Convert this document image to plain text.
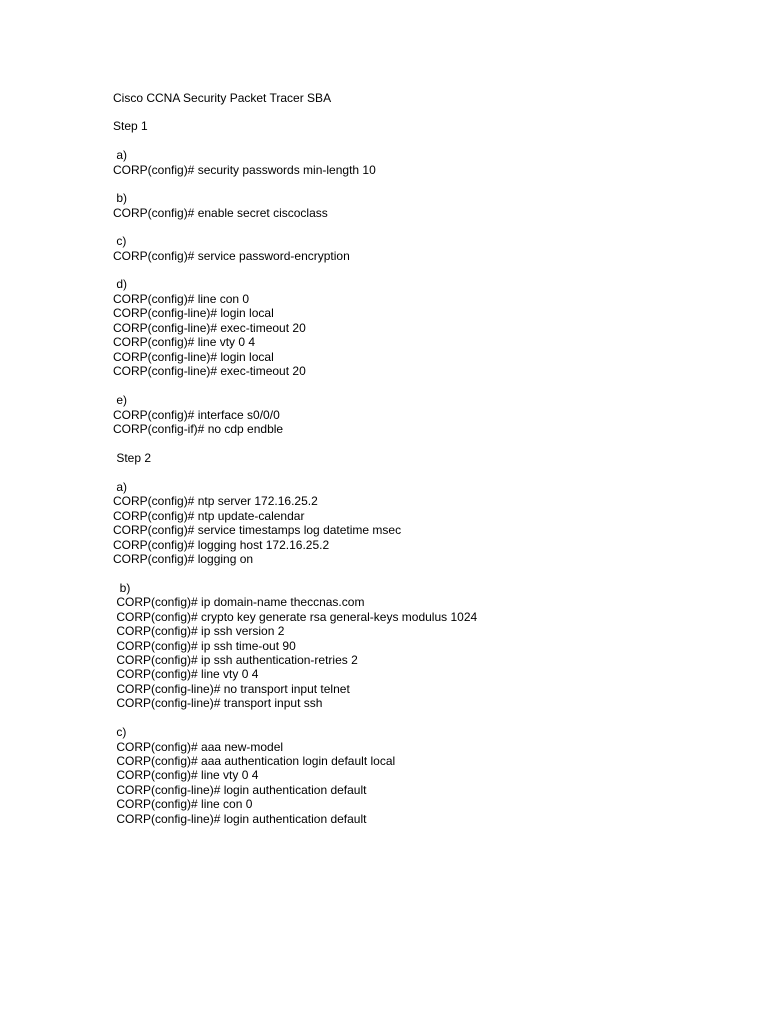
Cisco CCNA Security Packet Tracer SBA

Step 1

a)

CORP(config)# security passwords min-length 10

b)

CORP(config)# enable secret ciscoclass

c)

CORP(config)# service password-encryption

d)

CORP(config)# line con 0

CORP(config-line)# login local

CORP(config-line)# exec-timeout 20

CORP(config)# line vty 0 4

CORP(config-line)# login local

CORP(config-line)# exec-timeout 20

e)

CORP(config)# interface s0/0/0

CORP(config-if)# no cdp endble

Step 2

a)

CORP(config)# ntp server 172.16.25.2

CORP(config)# ntp update-calendar

CORP(config)# service timestamps log datetime msec

CORP(config)# logging host 172.16.25.2

CORP(config)# logging on

b)

CORP(config)# ip domain-name theccnas.com

CORP(config)# crypto key generate rsa general-keys modulus 1024

CORP(config)# ip ssh version 2

CORP(config)# ip ssh time-out 90

CORP(config)# ip ssh authentication-retries 2

CORP(config)# line vty 0 4

CORP(config-line)# no transport input telnet

CORP(config-line)# transport input ssh

c)

CORP(config)# aaa new-model

CORP(config)# aaa authentication login default local

CORP(config)# line vty 0 4

CORP(config-line)# login authentication default

CORP(config)# line con 0

CORP(config-line)# login authentication default
